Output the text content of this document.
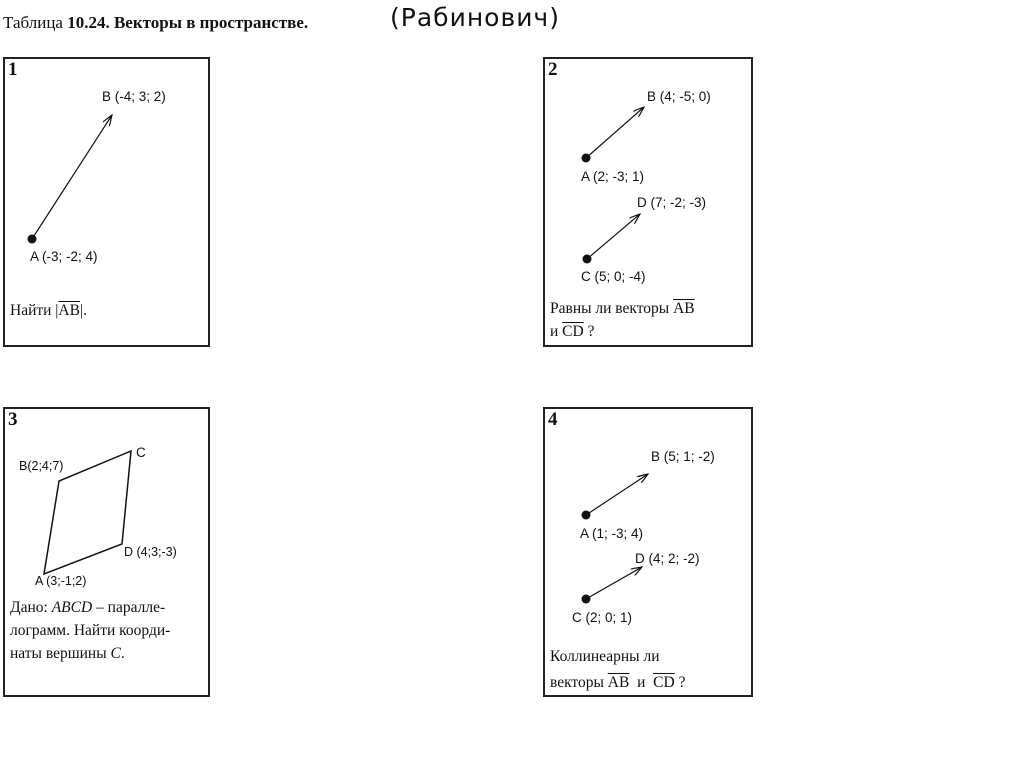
Таблица 10.24. Векторы в пространстве.	(Рабинович)
1
B (-4; 3; 2)
A (-3; -2; 4)
Найти $|\overline{AB}|$.
2
B (4; -5; 0)
A (2; -3; 1)
D (7; -2; -3)
C (5; 0; -4)
Равны ли векторы $\overline{AB}$
и $\overline{CD}$ ?
3
B(2;4;7)
C
D (4;3;-3)
A (3;-1;2)
Дано: ABCD – паралле-
лограмм. Найти коорди-
наты вершины C.
4
B (5; 1; -2)
A (1; -3; 4)
D (4; 2; -2)
C (2; 0; 1)
Коллинеарны ли
векторы $\overline{AB}$  и  $\overline{CD}$ ?
